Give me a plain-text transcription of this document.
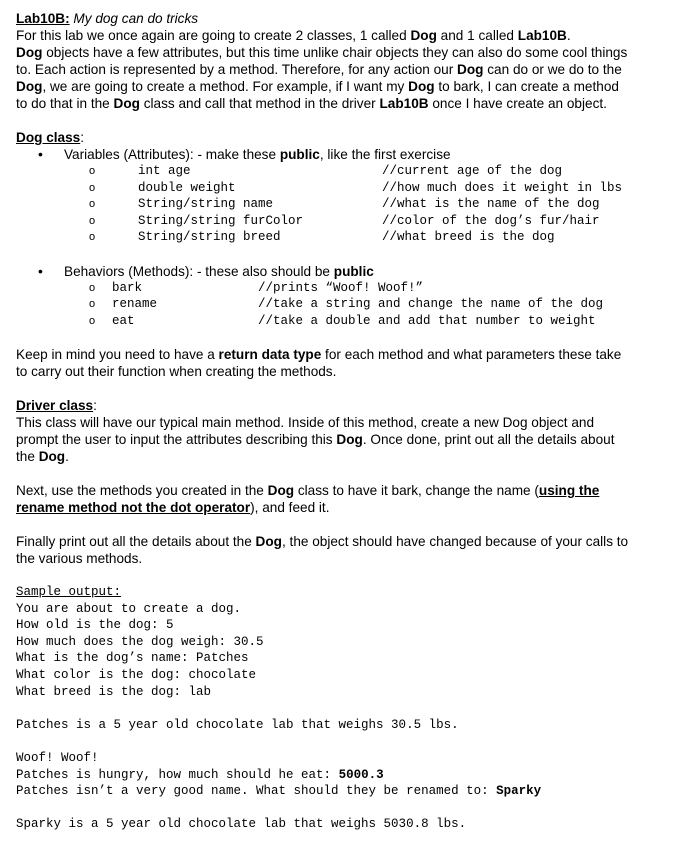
Lab10B: My dog can do tricks

For this lab we once again are going to create 2 classes, 1 called Dog and 1 called Lab10B.

Dog objects have a few attributes, but this time unlike chair objects they can also do some cool things

to. Each action is represented by a method. Therefore, for any action our Dog can do or we do to the

Dog, we are going to create a method. For example, if I want my Dog to bark, I can create a method

to do that in the Dog class and call that method in the driver Lab10B once I have create an object.

Dog class:

• Variables (Attributes): - make these public, like the first exercise
o int age	//current age of the dog
o double weight	//how much does it weight in lbs
o String/string name	//what is the name of the dog
o String/string furColor	//color of the dog’s fur/hair
o String/string breed	//what breed is the dog
• Behaviors (Methods): - these also should be public
o bark	//prints “Woof! Woof!”
o rename	//take a string and change the name of the dog
o eat	//take a double and add that number to weight

Keep in mind you need to have a return data type for each method and what parameters these take

to carry out their function when creating the methods.

Driver class:

This class will have our typical main method. Inside of this method, create a new Dog object and

prompt the user to input the attributes describing this Dog. Once done, print out all the details about

the Dog.

Next, use the methods you created in the Dog class to have it bark, change the name (using the

rename method not the dot operator), and feed it.

Finally print out all the details about the Dog, the object should have changed because of your calls to

the various methods.

Sample output:

You are about to create a dog.

How old is the dog: 5

How much does the dog weigh: 30.5

What is the dog’s name: Patches

What color is the dog: chocolate

What breed is the dog: lab

Patches is a 5 year old chocolate lab that weighs 30.5 lbs.

Woof! Woof!

Patches is hungry, how much should he eat: 5000.3

Patches isn’t a very good name. What should they be renamed to: Sparky

Sparky is a 5 year old chocolate lab that weighs 5030.8 lbs.
